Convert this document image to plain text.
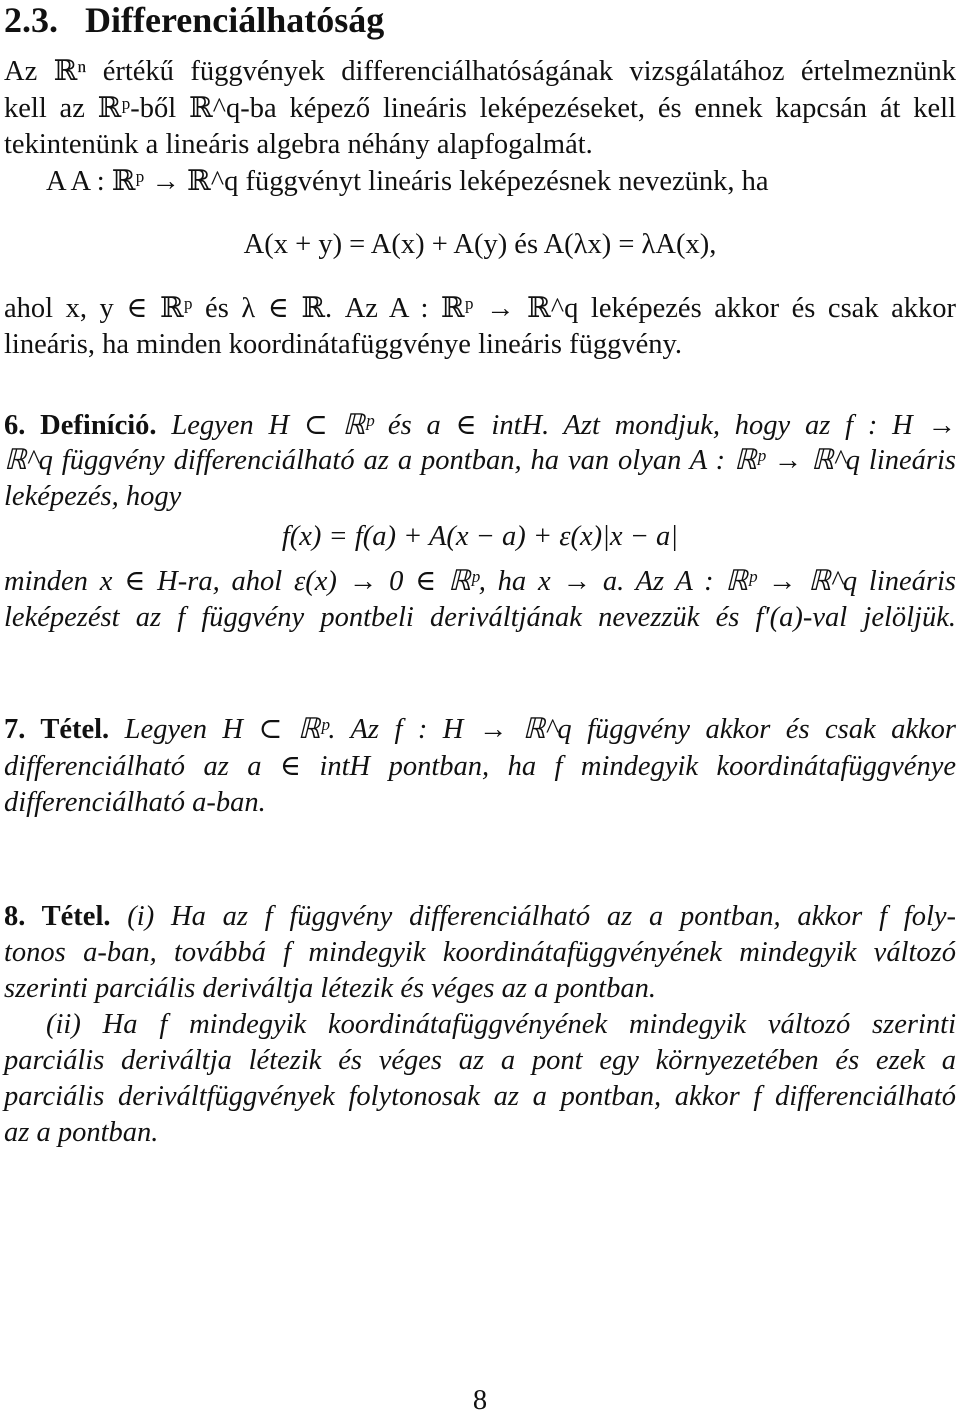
2.3. Differenciálhatóság
Az ℝⁿ értékű függvények differenciálhatóságának vizsgálatához értelmeznünk
kell az ℝᵖ-ből ℝ^q-ba képező lineáris leképezéseket, és ennek kapcsán át kell
tekintenünk a lineáris algebra néhány alapfogalmát.
A A : ℝᵖ → ℝ^q függvényt lineáris leképezésnek nevezünk, ha
A(x + y) = A(x) + A(y) és A(λx) = λA(x),
ahol x, y ∈ ℝᵖ és λ ∈ ℝ. Az A : ℝᵖ → ℝ^q leképezés akkor és csak akkor
lineáris, ha minden koordinátafüggvénye lineáris függvény.
6. Definíció. Legyen H ⊂ ℝᵖ és a ∈ intH. Azt mondjuk, hogy az f : H →
ℝ^q függvény differenciálható az a pontban, ha van olyan A : ℝᵖ → ℝ^q lineáris
leképezés, hogy
f(x) = f(a) + A(x − a) + ε(x)|x − a|
minden x ∈ H-ra, ahol ε(x) → 0 ∈ ℝᵖ, ha x → a. Az A : ℝᵖ → ℝ^q lineáris
leképezést az f függvény pontbeli deriváltjának nevezzük és f′(a)-val jelöljük.
7. Tétel. Legyen H ⊂ ℝᵖ. Az f : H → ℝ^q függvény akkor és csak akkor
differenciálható az a ∈ intH pontban, ha f mindegyik koordinátafüggvénye
differenciálható a-ban.
8. Tétel. (i) Ha az f függvény differenciálható az a pontban, akkor f foly-
tonos a-ban, továbbá f mindegyik koordinátafüggvényének mindegyik változó
szerinti parciális deriváltja létezik és véges az a pontban.
(ii) Ha f mindegyik koordinátafüggvényének mindegyik változó szerinti
parciális deriváltja létezik és véges az a pont egy környezetében és ezek a
parciális deriváltfüggvények folytonosak az a pontban, akkor f differenciálható
az a pontban.
8
